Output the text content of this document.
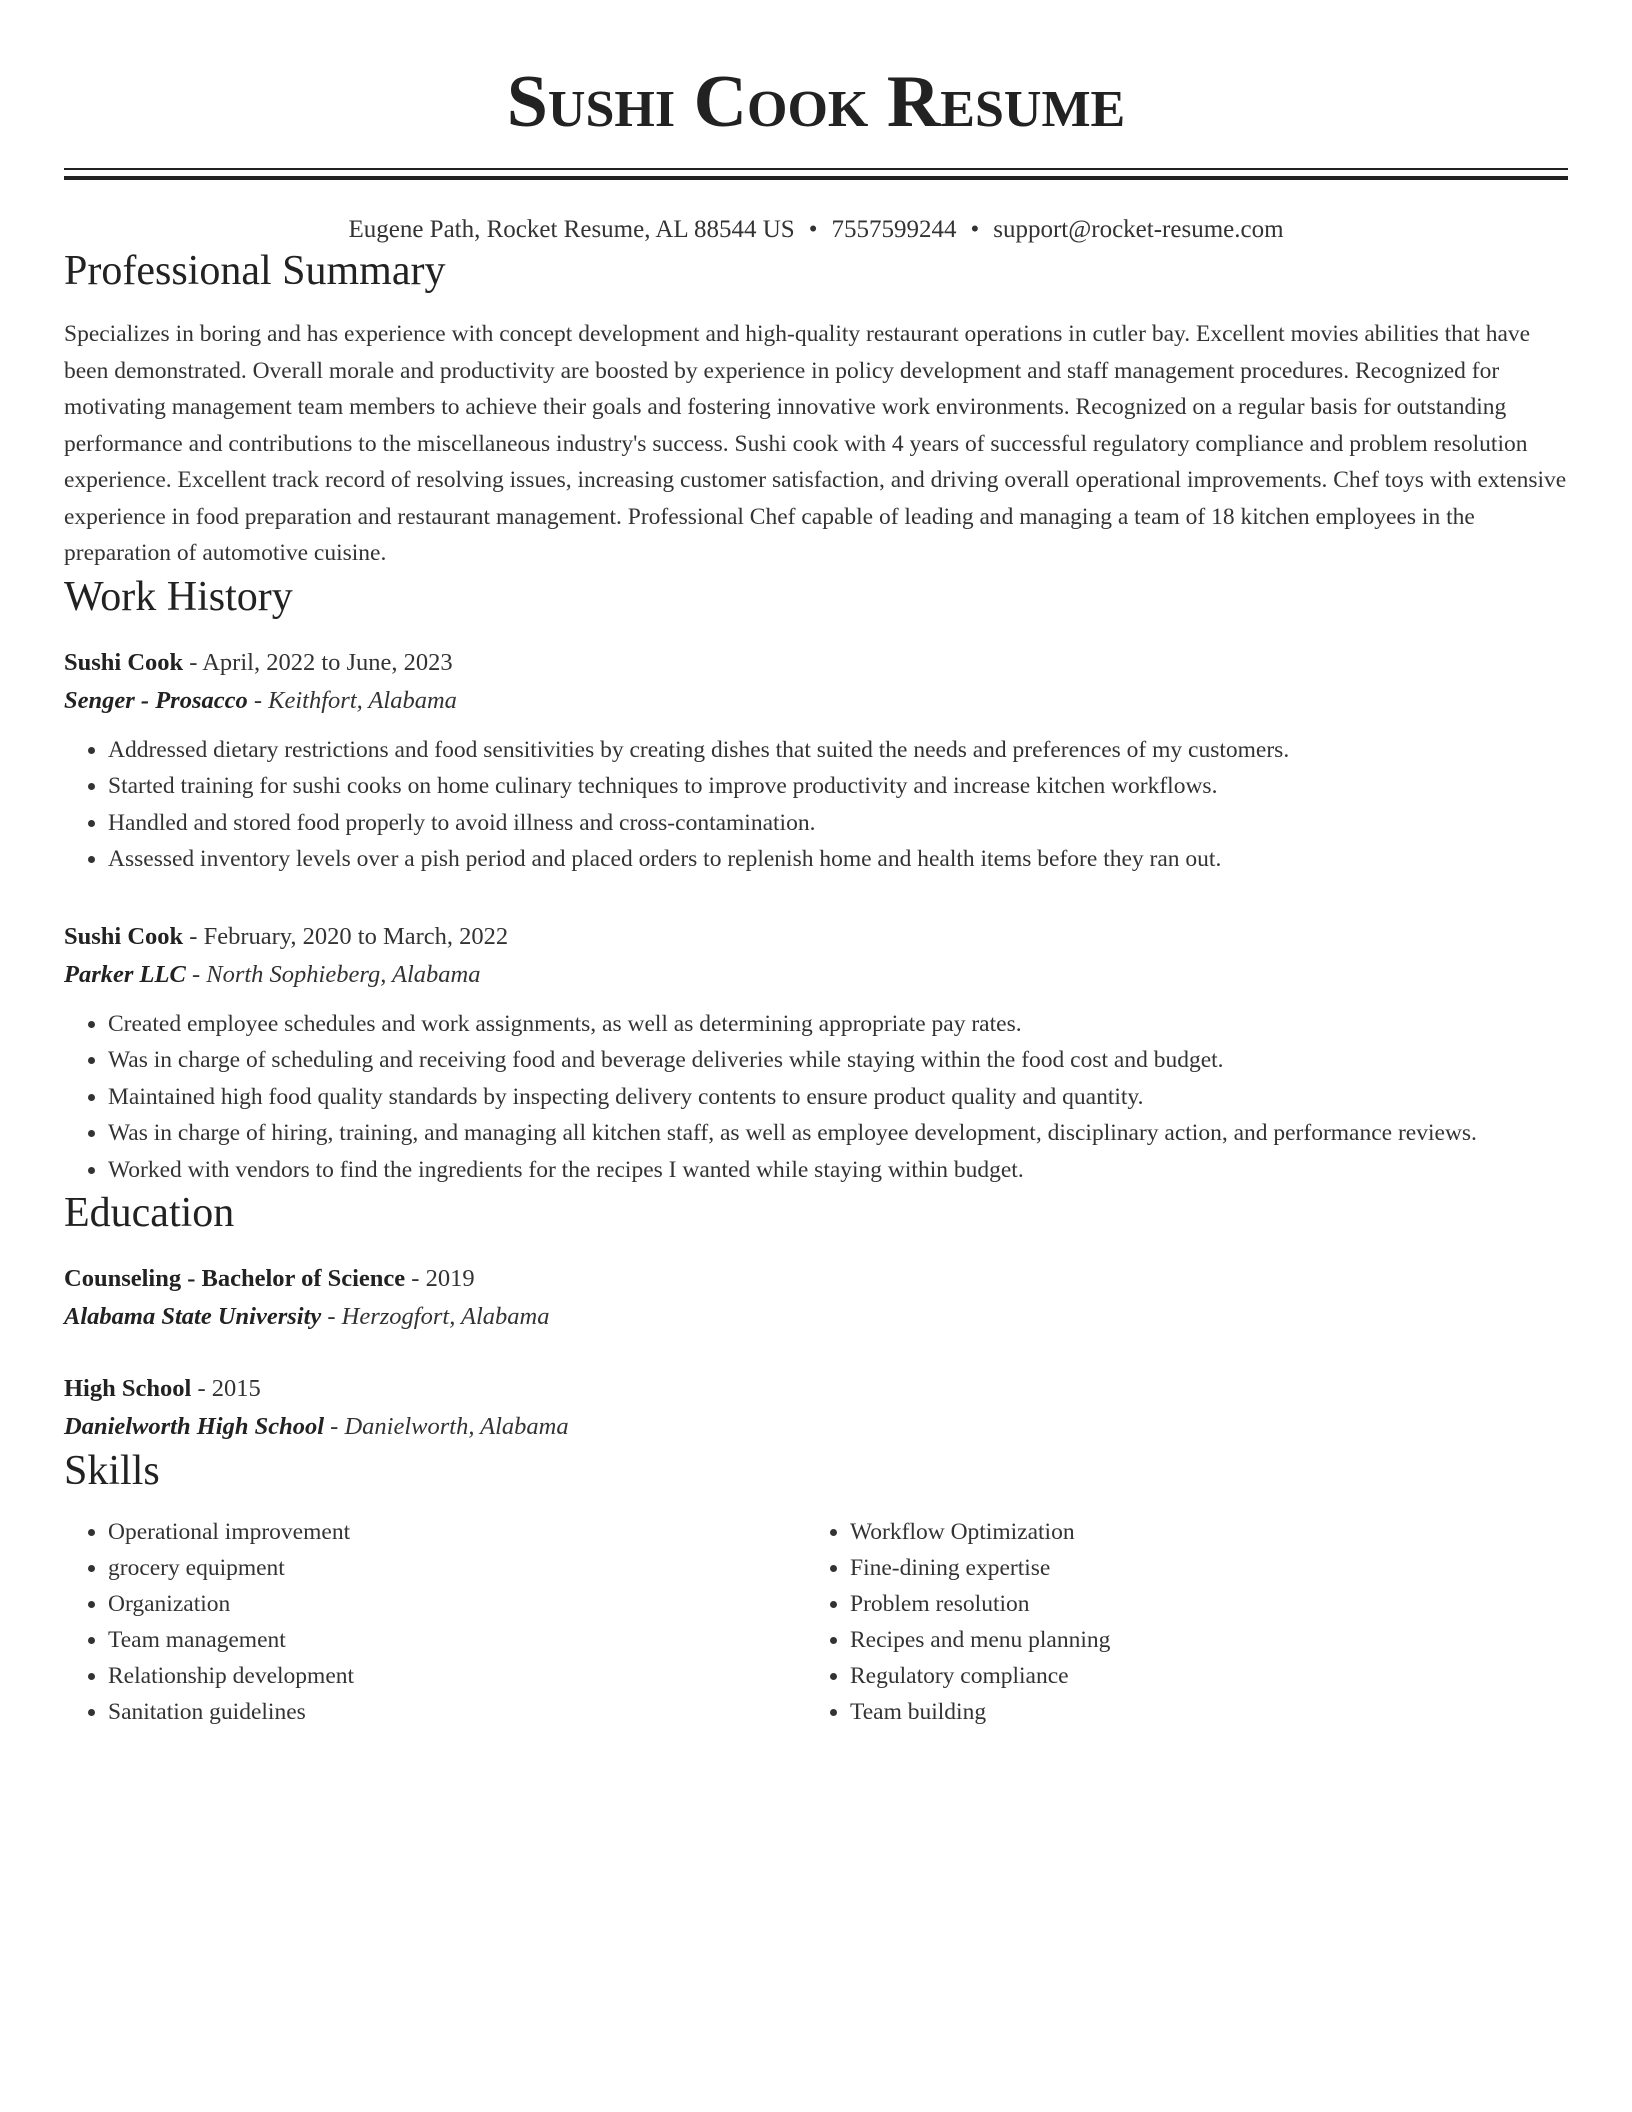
Sushi Cook Resume
Eugene Path, Rocket Resume, AL 88544 US • 7557599244 • support@rocket-resume.com
Professional Summary

Specializes in boring and has experience with concept development and high-quality restaurant operations in cutler bay. Excellent movies abilities that have been demonstrated. Overall morale and productivity are boosted by experience in policy development and staff management procedures. Recognized for motivating management team members to achieve their goals and fostering innovative work environments. Recognized on a regular basis for outstanding performance and contributions to the miscellaneous industry's success. Sushi cook with 4 years of successful regulatory compliance and problem resolution experience. Excellent track record of resolving issues, increasing customer satisfaction, and driving overall operational improvements. Chef toys with extensive experience in food preparation and restaurant management. Professional Chef capable of leading and managing a team of 18 kitchen employees in the preparation of automotive cuisine.

Work History
Sushi Cook - April, 2022 to June, 2023
Senger - Prosacco - Keithfort, Alabama
• Addressed dietary restrictions and food sensitivities by creating dishes that suited the needs and preferences of my customers.
• Started training for sushi cooks on home culinary techniques to improve productivity and increase kitchen workflows.
• Handled and stored food properly to avoid illness and cross-contamination.
• Assessed inventory levels over a pish period and placed orders to replenish home and health items before they ran out.
Sushi Cook - February, 2020 to March, 2022
Parker LLC - North Sophieberg, Alabama
• Created employee schedules and work assignments, as well as determining appropriate pay rates.
• Was in charge of scheduling and receiving food and beverage deliveries while staying within the food cost and budget.
• Maintained high food quality standards by inspecting delivery contents to ensure product quality and quantity.
• Was in charge of hiring, training, and managing all kitchen staff, as well as employee development, disciplinary action, and performance reviews.
• Worked with vendors to find the ingredients for the recipes I wanted while staying within budget.
Education
Counseling - Bachelor of Science - 2019
Alabama State University - Herzogfort, Alabama
High School - 2015
Danielworth High School - Danielworth, Alabama
Skills
• Operational improvement
• grocery equipment
• Organization
• Team management
• Relationship development
• Sanitation guidelines
• Workflow Optimization
• Fine-dining expertise
• Problem resolution
• Recipes and menu planning
• Regulatory compliance
• Team building
